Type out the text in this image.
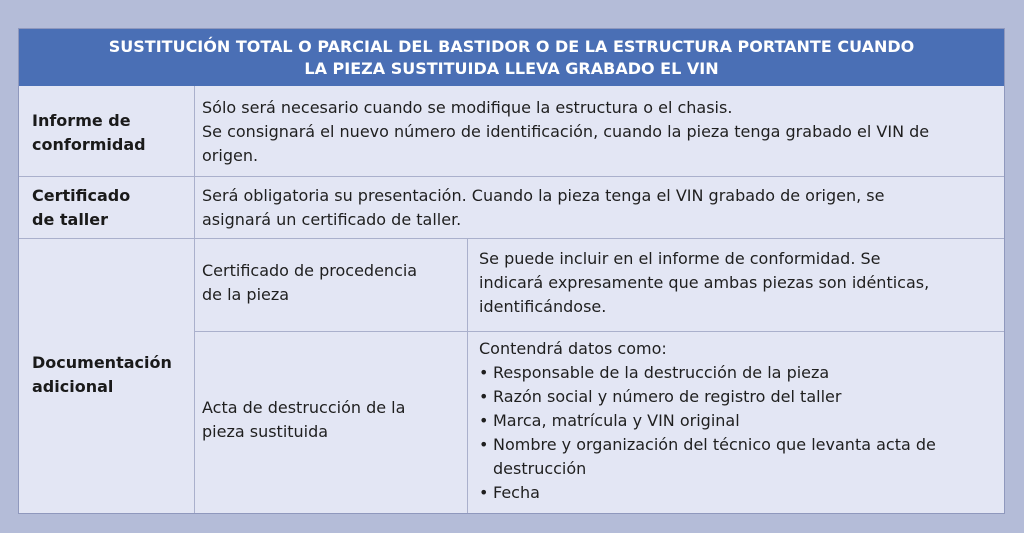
SUSTITUCIÓN TOTAL O PARCIAL DEL BASTIDOR O DE LA ESTRUCTURA PORTANTE CUANDO
LA PIEZA SUSTITUIDA LLEVA GRABADO EL VIN
Informe de
conformidad
Sólo será necesario cuando se modifique la estructura o el chasis.
Se consignará el nuevo número de identificación, cuando la pieza tenga grabado el VIN de
origen.
Certificado
de taller
Será obligatoria su presentación. Cuando la pieza tenga el VIN grabado de origen, se
asignará un certificado de taller.
Documentación
adicional
Certificado de procedencia
de la pieza
Se puede incluir en el informe de conformidad. Se
indicará expresamente que ambas piezas son idénticas,
identificándose.
Acta de destrucción de la
pieza sustituida
Contendrá datos como:
• Responsable de la destrucción de la pieza
• Razón social y número de registro del taller
• Marca, matrícula y VIN original
• Nombre y organización del técnico que levanta acta de
destrucción
• Fecha
